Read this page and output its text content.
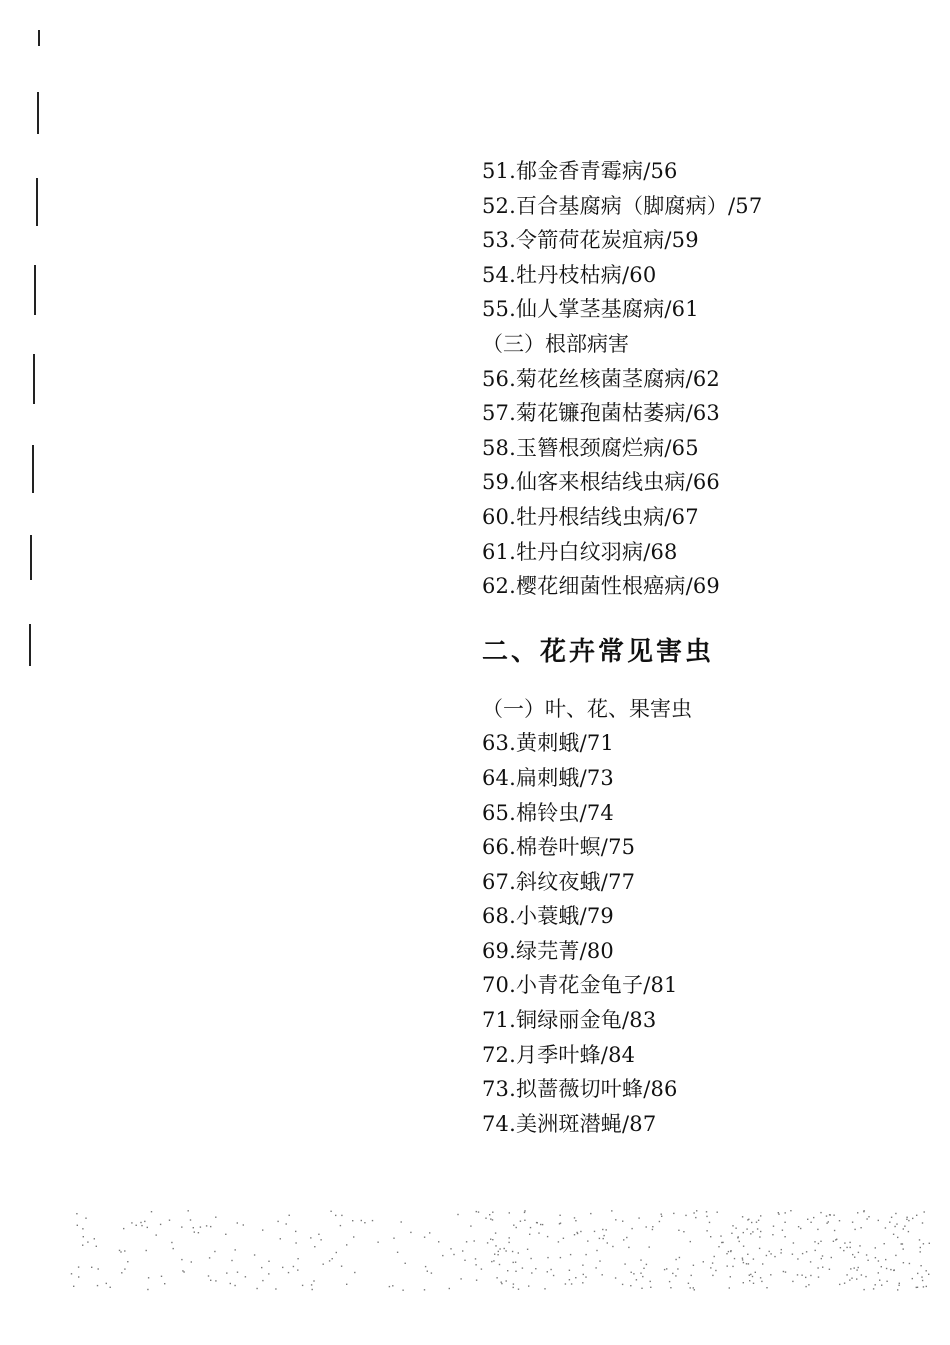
51.郁金香青霉病/56
52.百合基腐病（脚腐病）/57
53.令箭荷花炭疽病/59
54.牡丹枝枯病/60
55.仙人掌茎基腐病/61
（三）根部病害
56.菊花丝核菌茎腐病/62
57.菊花镰孢菌枯萎病/63
58.玉簪根颈腐烂病/65
59.仙客来根结线虫病/66
60.牡丹根结线虫病/67
61.牡丹白纹羽病/68
62.樱花细菌性根癌病/69
二、花卉常见害虫
（一）叶、花、果害虫
63.黄刺蛾/71
64.扁刺蛾/73
65.棉铃虫/74
66.棉卷叶螟/75
67.斜纹夜蛾/77
68.小蓑蛾/79
69.绿芫菁/80
70.小青花金龟子/81
71.铜绿丽金龟/83
72.月季叶蜂/84
73.拟蔷薇切叶蜂/86
74.美洲斑潜蝇/87
